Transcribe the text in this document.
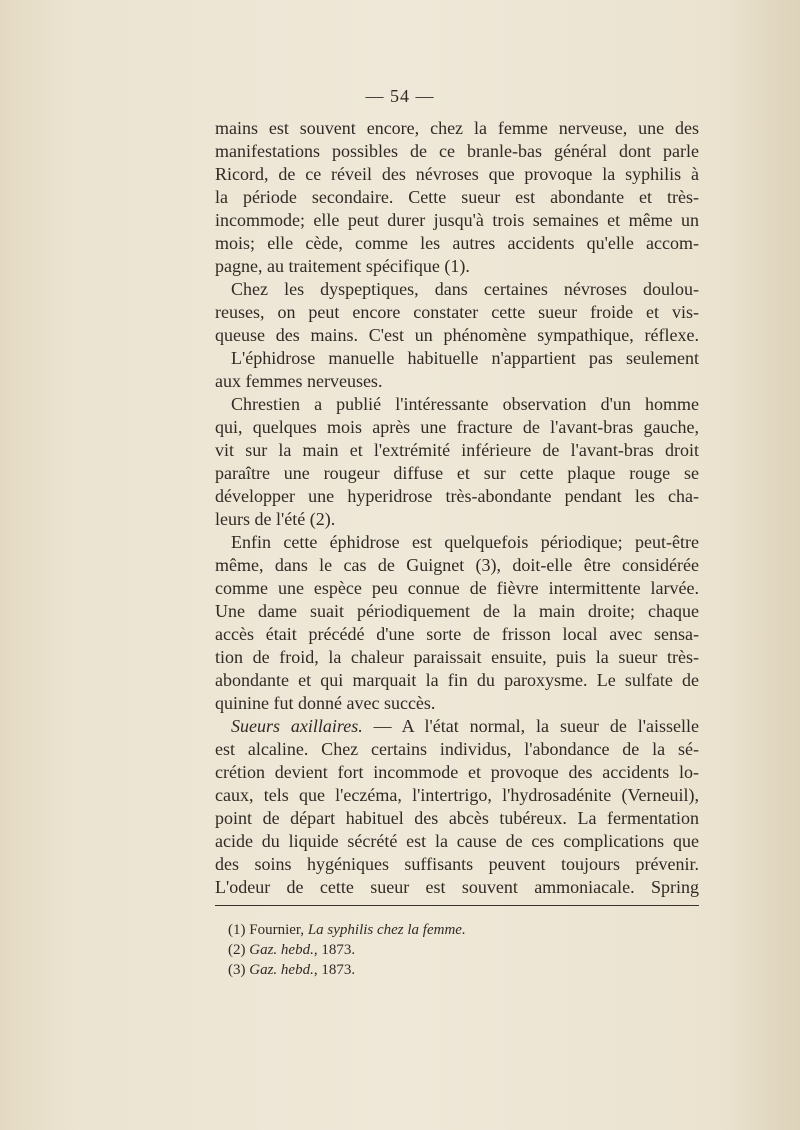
— 54 —
mains est souvent encore, chez la femme nerveuse, une des
manifestations possibles de ce branle-bas général dont parle
Ricord, de ce réveil des névroses que provoque la syphilis à
la période secondaire. Cette sueur est abondante et très-
incommode; elle peut durer jusqu'à trois semaines et même un
mois; elle cède, comme les autres accidents qu'elle accom-
pagne, au traitement spécifique (1).
Chez les dyspeptiques, dans certaines névroses doulou-
reuses, on peut encore constater cette sueur froide et vis-
queuse des mains. C'est un phénomène sympathique, réflexe.
L'éphidrose manuelle habituelle n'appartient pas seulement
aux femmes nerveuses.
Chrestien a publié l'intéressante observation d'un homme
qui, quelques mois après une fracture de l'avant-bras gauche,
vit sur la main et l'extrémité inférieure de l'avant-bras droit
paraître une rougeur diffuse et sur cette plaque rouge se
développer une hyperidrose très-abondante pendant les cha-
leurs de l'été (2).
Enfin cette éphidrose est quelquefois périodique; peut-être
même, dans le cas de Guignet (3), doit-elle être considérée
comme une espèce peu connue de fièvre intermittente larvée.
Une dame suait périodiquement de la main droite; chaque
accès était précédé d'une sorte de frisson local avec sensa-
tion de froid, la chaleur paraissait ensuite, puis la sueur très-
abondante et qui marquait la fin du paroxysme. Le sulfate de
quinine fut donné avec succès.
Sueurs axillaires. — A l'état normal, la sueur de l'aisselle
est alcaline. Chez certains individus, l'abondance de la sé-
crétion devient fort incommode et provoque des accidents lo-
caux, tels que l'eczéma, l'intertrigo, l'hydrosadénite (Verneuil),
point de départ habituel des abcès tubéreux. La fermentation
acide du liquide sécrété est la cause de ces complications que
des soins hygéniques suffisants peuvent toujours prévenir.
L'odeur de cette sueur est souvent ammoniacale. Spring
(1) Fournier, La syphilis chez la femme.
(2) Gaz. hebd., 1873.
(3) Gaz. hebd., 1873.
